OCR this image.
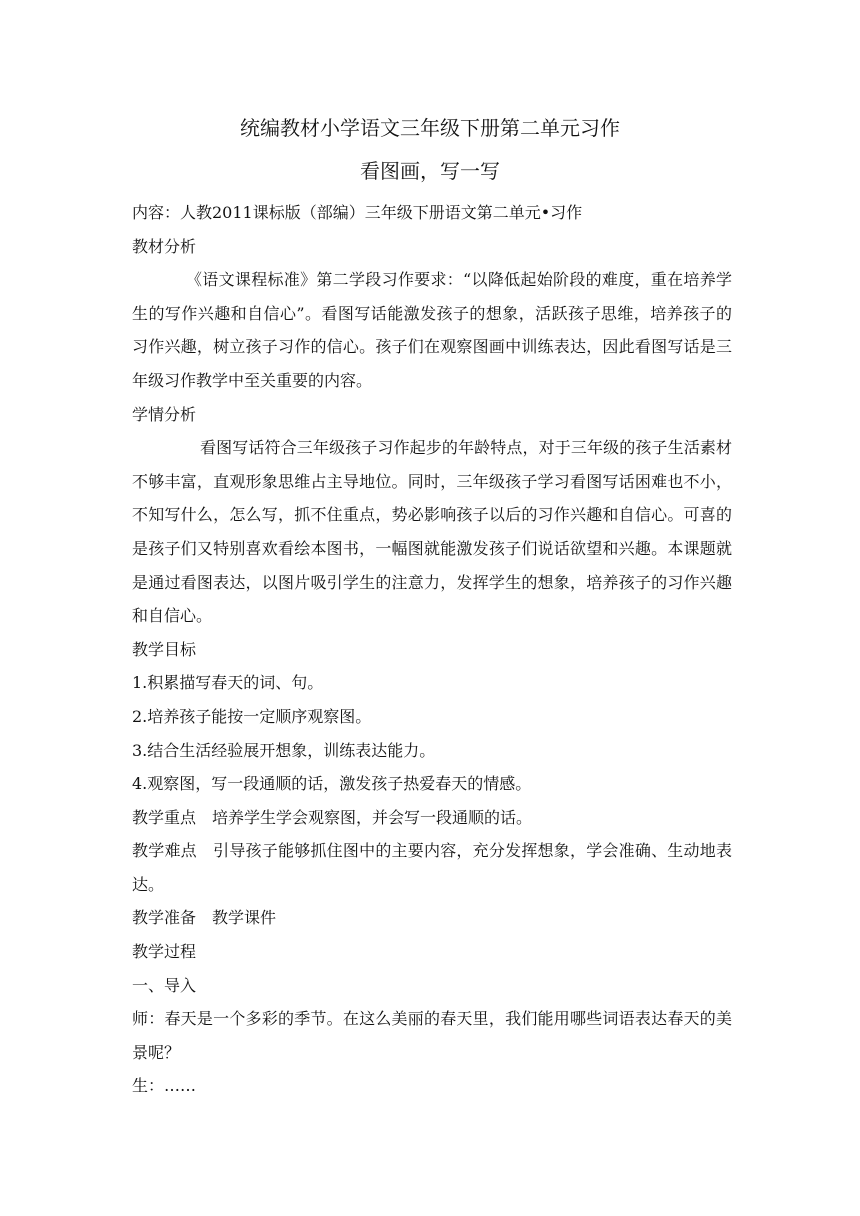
统编教材小学语文三年级下册第二单元习作
看图画，写一写

内容：人教2011课标版（部编）三年级下册语文第二单元•习作

教材分析

《语文课程标准》第二学段习作要求：“以降低起始阶段的难度，重在培养学生的写作兴趣和自信心”。看图写话能激发孩子的想象，活跃孩子思维，培养孩子的习作兴趣，树立孩子习作的信心。孩子们在观察图画中训练表达，因此看图写话是三年级习作教学中至关重要的内容。

学情分析

看图写话符合三年级孩子习作起步的年龄特点，对于三年级的孩子生活素材不够丰富，直观形象思维占主导地位。同时，三年级孩子学习看图写话困难也不小，不知写什么，怎么写，抓不住重点，势必影响孩子以后的习作兴趣和自信心。可喜的是孩子们又特别喜欢看绘本图书，一幅图就能激发孩子们说话欲望和兴趣。本课题就是通过看图表达，以图片吸引学生的注意力，发挥学生的想象，培养孩子的习作兴趣和自信心。

教学目标

1.积累描写春天的词、句。

2.培养孩子能按一定顺序观察图。

3.结合生活经验展开想象，训练表达能力。

4.观察图，写一段通顺的话，激发孩子热爱春天的情感。

教学重点 培养学生学会观察图，并会写一段通顺的话。

教学难点 引导孩子能够抓住图中的主要内容，充分发挥想象，学会准确、生动地表达。

教学准备 教学课件

教学过程

一、导入

师：春天是一个多彩的季节。在这么美丽的春天里，我们能用哪些词语表达春天的美景呢？

生：……
